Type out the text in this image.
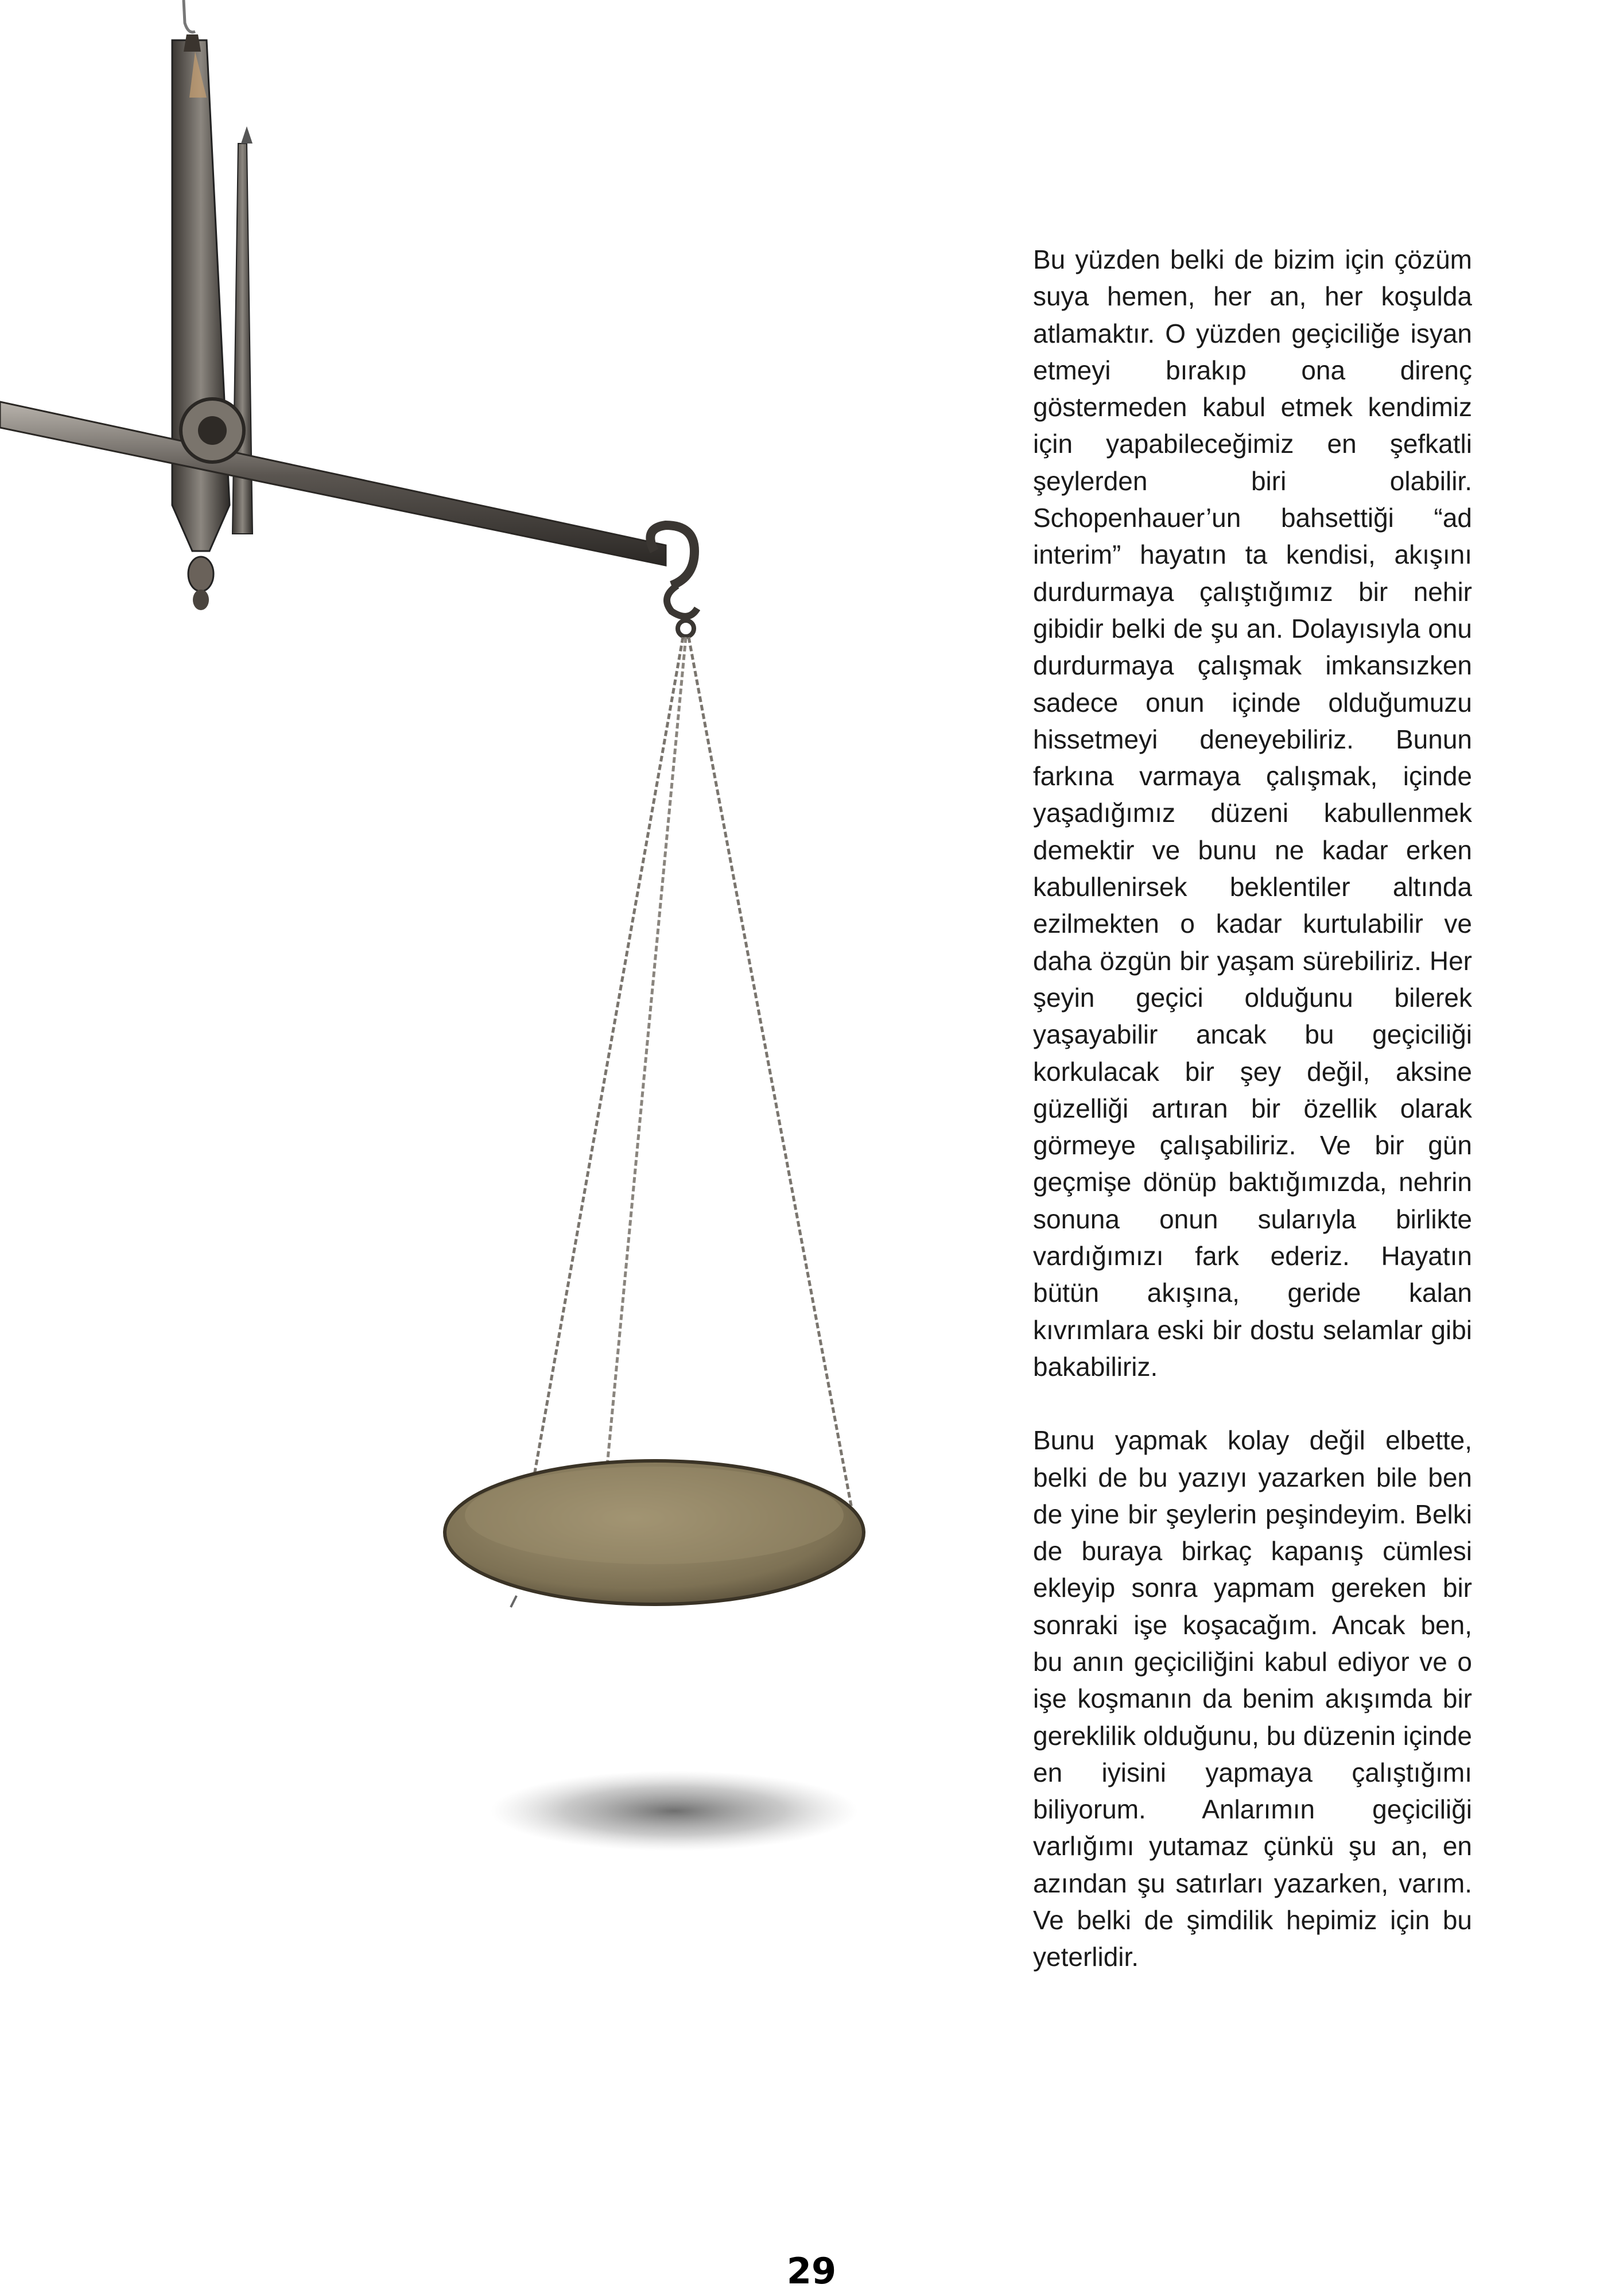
Bu yüzden belki de bizim için çözüm suya hemen, her an, her koşulda atlamaktır. O yüzden geçiciliğe isyan etmeyi bırakıp ona direnç göstermeden kabul etmek kendimiz için yapabileceğimiz en şefkatli şeylerden biri olabilir. Schopenhauer’un bahsettiği “ad interim” hayatın ta kendisi, akışını durdurmaya çalıştığımız bir nehir gibidir belki de şu an. Dolayısıyla onu durdurmaya çalışmak imkansızken sadece onun içinde olduğumuzu hissetmeyi deneyebiliriz. Bunun farkına varmaya çalışmak, içinde yaşadığımız düzeni kabullenmek demektir ve bunu ne kadar erken kabullenirsek beklentiler altında ezilmekten o kadar kurtulabilir ve daha özgün bir yaşam sürebiliriz. Her şeyin geçici olduğunu bilerek yaşayabilir ancak bu geçiciliği korkulacak bir şey değil, aksine güzelliği artıran bir özellik olarak görmeye çalışabiliriz. Ve bir gün geçmişe dönüp baktığımızda, nehrin sonuna onun sularıyla birlikte vardığımızı fark ederiz. Hayatın bütün akışına, geride kalan kıvrımlara eski bir dostu selamlar gibi bakabiliriz.

Bunu yapmak kolay değil elbette, belki de bu yazıyı yazarken bile ben de yine bir şeylerin peşindeyim. Belki de buraya birkaç kapanış cümlesi ekleyip sonra yapmam gereken bir sonraki işe koşacağım. Ancak ben, bu anın geçiciliğini kabul ediyor ve o işe koşmanın da benim akışımda bir gereklilik olduğunu, bu düzenin içinde en iyisini yapmaya çalıştığımı biliyorum. Anlarımın geçiciliği varlığımı yutamaz çünkü şu an, en azından şu satırları yazarken, varım. Ve belki de şimdilik hepimiz için bu yeterlidir.

29
